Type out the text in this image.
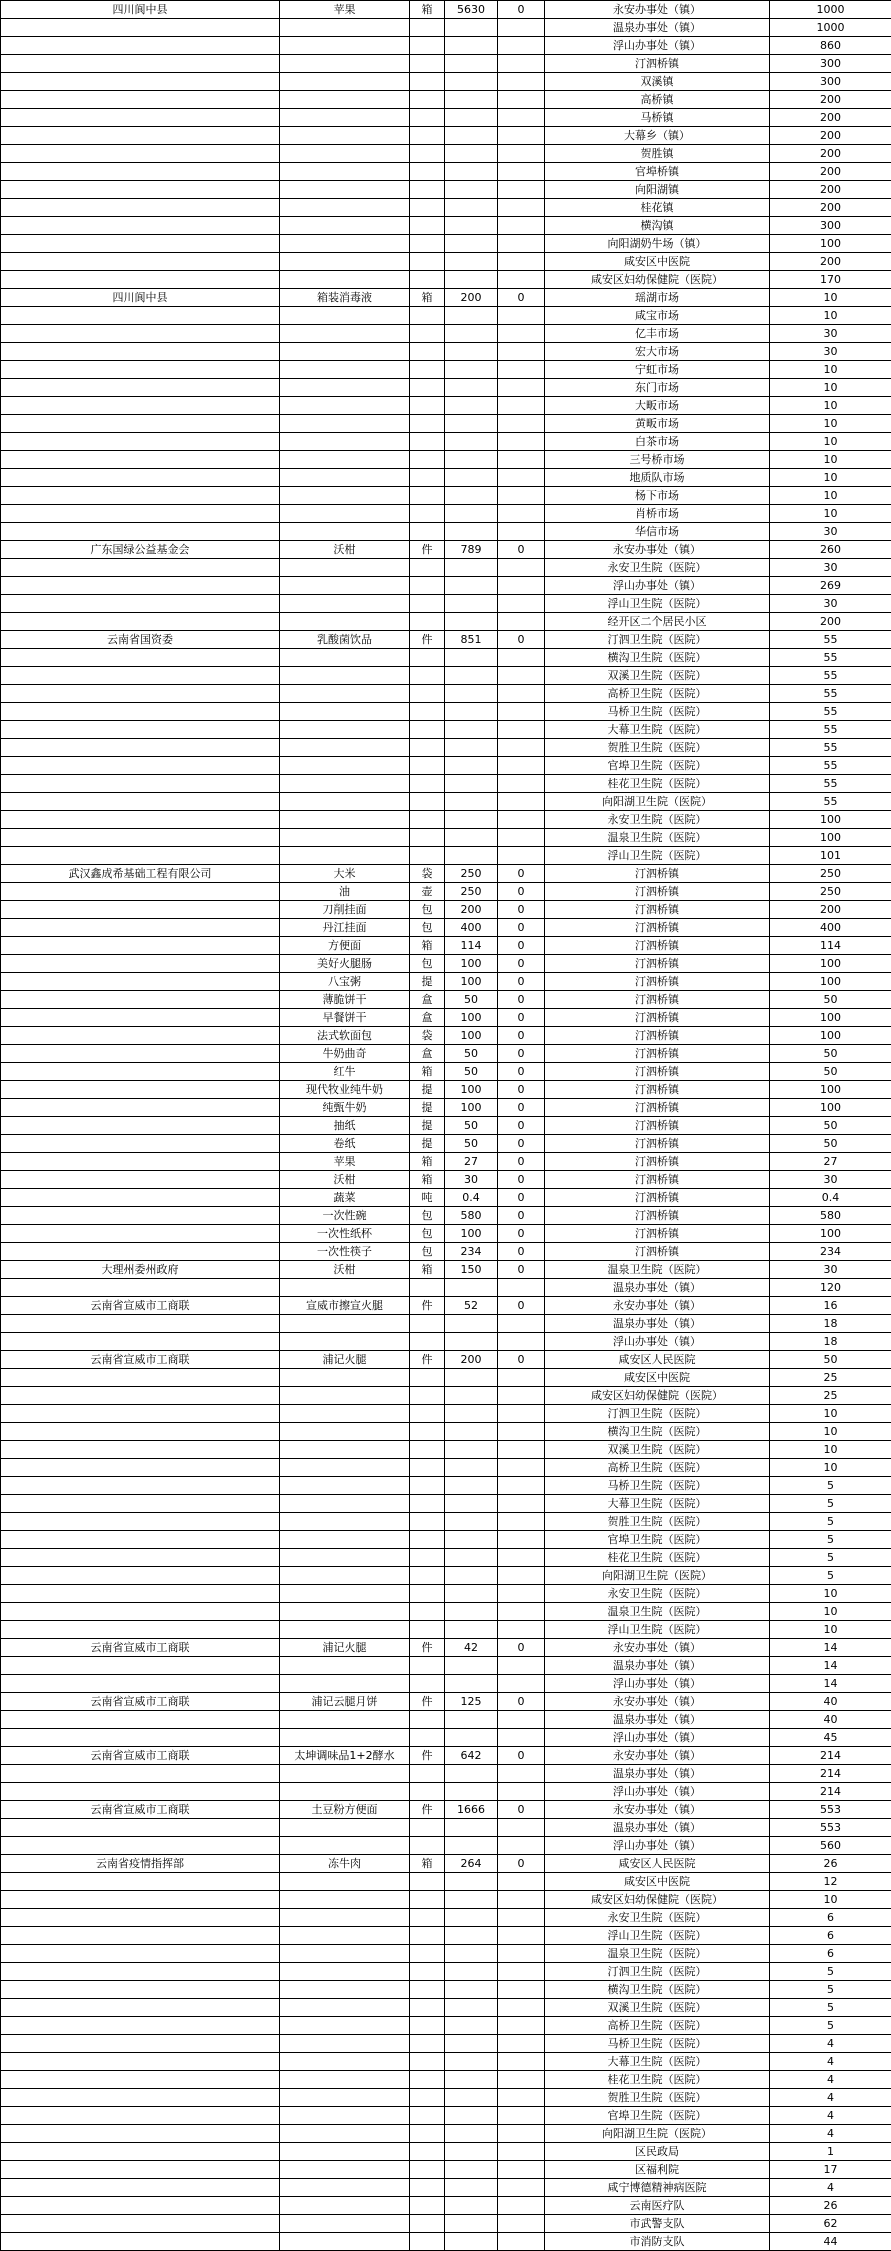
四川阆中县	苹果	箱	5630	0	永安办事处（镇）	1000
					温泉办事处（镇）	1000
					浮山办事处（镇）	860
					汀泗桥镇	300
					双溪镇	300
					高桥镇	200
					马桥镇	200
					大幕乡（镇）	200
					贺胜镇	200
					官埠桥镇	200
					向阳湖镇	200
					桂花镇	200
					横沟镇	300
					向阳湖奶牛场（镇）	100
					咸安区中医院	200
					咸安区妇幼保健院（医院）	170
四川阆中县	箱装消毒液	箱	200	0	瑶湖市场	10
					咸宝市场	10
					亿丰市场	30
					宏大市场	30
					宁虹市场	10
					东门市场	10
					大畈市场	10
					黄畈市场	10
					白茶市场	10
					三号桥市场	10
					地质队市场	10
					杨下市场	10
					肖桥市场	10
					华信市场	30
广东国绿公益基金会	沃柑	件	789	0	永安办事处（镇）	260
					永安卫生院（医院）	30
					浮山办事处（镇）	269
					浮山卫生院（医院）	30
					经开区二个居民小区	200
云南省国资委	乳酸菌饮品	件	851	0	汀泗卫生院（医院）	55
					横沟卫生院（医院）	55
					双溪卫生院（医院）	55
					高桥卫生院（医院）	55
					马桥卫生院（医院）	55
					大幕卫生院（医院）	55
					贺胜卫生院（医院）	55
					官埠卫生院（医院）	55
					桂花卫生院（医院）	55
					向阳湖卫生院（医院）	55
					永安卫生院（医院）	100
					温泉卫生院（医院）	100
					浮山卫生院（医院）	101
武汉鑫成希基础工程有限公司	大米	袋	250	0	汀泗桥镇	250
	油	壶	250	0	汀泗桥镇	250
	刀削挂面	包	200	0	汀泗桥镇	200
	丹江挂面	包	400	0	汀泗桥镇	400
	方便面	箱	114	0	汀泗桥镇	114
	美好火腿肠	包	100	0	汀泗桥镇	100
	八宝粥	提	100	0	汀泗桥镇	100
	薄脆饼干	盒	50	0	汀泗桥镇	50
	早餐饼干	盒	100	0	汀泗桥镇	100
	法式软面包	袋	100	0	汀泗桥镇	100
	牛奶曲奇	盒	50	0	汀泗桥镇	50
	红牛	箱	50	0	汀泗桥镇	50
	现代牧业纯牛奶	提	100	0	汀泗桥镇	100
	纯甄牛奶	提	100	0	汀泗桥镇	100
	抽纸	提	50	0	汀泗桥镇	50
	卷纸	提	50	0	汀泗桥镇	50
	苹果	箱	27	0	汀泗桥镇	27
	沃柑	箱	30	0	汀泗桥镇	30
	蔬菜	吨	0.4	0	汀泗桥镇	0.4
	一次性碗	包	580	0	汀泗桥镇	580
	一次性纸杯	包	100	0	汀泗桥镇	100
	一次性筷子	包	234	0	汀泗桥镇	234
大理州委州政府	沃柑	箱	150	0	温泉卫生院（医院）	30
					温泉办事处（镇）	120
云南省宣威市工商联	宣威市擦宣火腿	件	52	0	永安办事处（镇）	16
					温泉办事处（镇）	18
					浮山办事处（镇）	18
云南省宣威市工商联	浦记火腿	件	200	0	咸安区人民医院	50
					咸安区中医院	25
					咸安区妇幼保健院（医院）	25
					汀泗卫生院（医院）	10
					横沟卫生院（医院）	10
					双溪卫生院（医院）	10
					高桥卫生院（医院）	10
					马桥卫生院（医院）	5
					大幕卫生院（医院）	5
					贺胜卫生院（医院）	5
					官埠卫生院（医院）	5
					桂花卫生院（医院）	5
					向阳湖卫生院（医院）	5
					永安卫生院（医院）	10
					温泉卫生院（医院）	10
					浮山卫生院（医院）	10
云南省宣威市工商联	浦记火腿	件	42	0	永安办事处（镇）	14
					温泉办事处（镇）	14
					浮山办事处（镇）	14
云南省宣威市工商联	浦记云腿月饼	件	125	0	永安办事处（镇）	40
					温泉办事处（镇）	40
					浮山办事处（镇）	45
云南省宣威市工商联	太坤调味品1+2酵水	件	642	0	永安办事处（镇）	214
					温泉办事处（镇）	214
					浮山办事处（镇）	214
云南省宣威市工商联	土豆粉方便面	件	1666	0	永安办事处（镇）	553
					温泉办事处（镇）	553
					浮山办事处（镇）	560
云南省疫情指挥部	冻牛肉	箱	264	0	咸安区人民医院	26
					咸安区中医院	12
					咸安区妇幼保健院（医院）	10
					永安卫生院（医院）	6
					浮山卫生院（医院）	6
					温泉卫生院（医院）	6
					汀泗卫生院（医院）	5
					横沟卫生院（医院）	5
					双溪卫生院（医院）	5
					高桥卫生院（医院）	5
					马桥卫生院（医院）	4
					大幕卫生院（医院）	4
					桂花卫生院（医院）	4
					贺胜卫生院（医院）	4
					官埠卫生院（医院）	4
					向阳湖卫生院（医院）	4
					区民政局	1
					区福利院	17
					咸宁博德精神病医院	4
					云南医疗队	26
					市武警支队	62
					市消防支队	44
